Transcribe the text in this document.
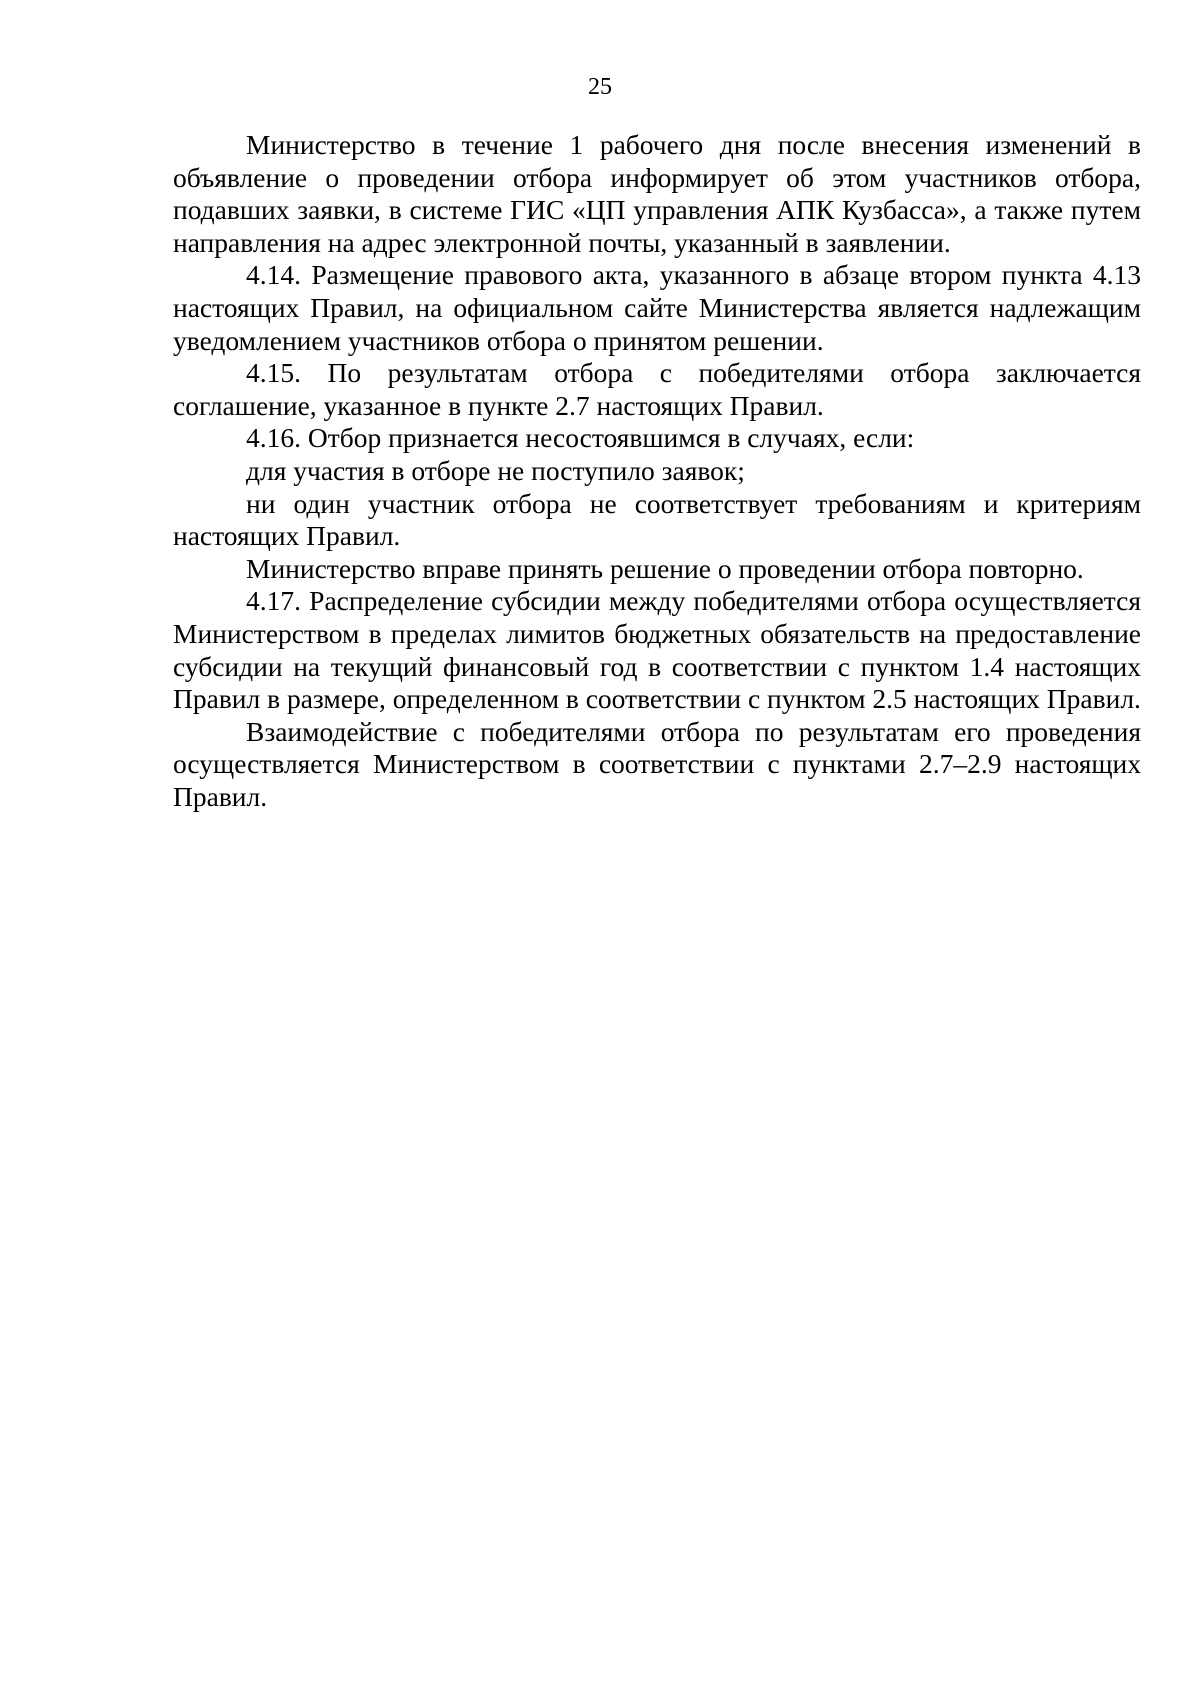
25

Министерство в течение 1 рабочего дня после внесения изменений в объявление о проведении отбора информирует об этом участников отбора, подавших заявки, в системе ГИС «ЦП управления АПК Кузбасса», а также путем направления на адрес электронной почты, указанный в заявлении.

4.14. Размещение правового акта, указанного в абзаце втором пункта 4.13 настоящих Правил, на официальном сайте Министерства является надлежащим уведомлением участников отбора о принятом решении.

4.15. По результатам отбора с победителями отбора заключается соглашение, указанное в пункте 2.7 настоящих Правил.

4.16. Отбор признается несостоявшимся в случаях, если:

для участия в отборе не поступило заявок;

ни один участник отбора не соответствует требованиям и критериям настоящих Правил.

Министерство вправе принять решение о проведении отбора повторно.

4.17. Распределение субсидии между победителями отбора осуществляется Министерством в пределах лимитов бюджетных обязательств на предоставление субсидии на текущий финансовый год в соответствии с пунктом 1.4 настоящих Правил в размере, определенном в соответствии с пунктом 2.5 настоящих Правил.

Взаимодействие с победителями отбора по результатам его проведения осуществляется Министерством в соответствии с пунктами 2.7–2.9 настоящих Правил.
